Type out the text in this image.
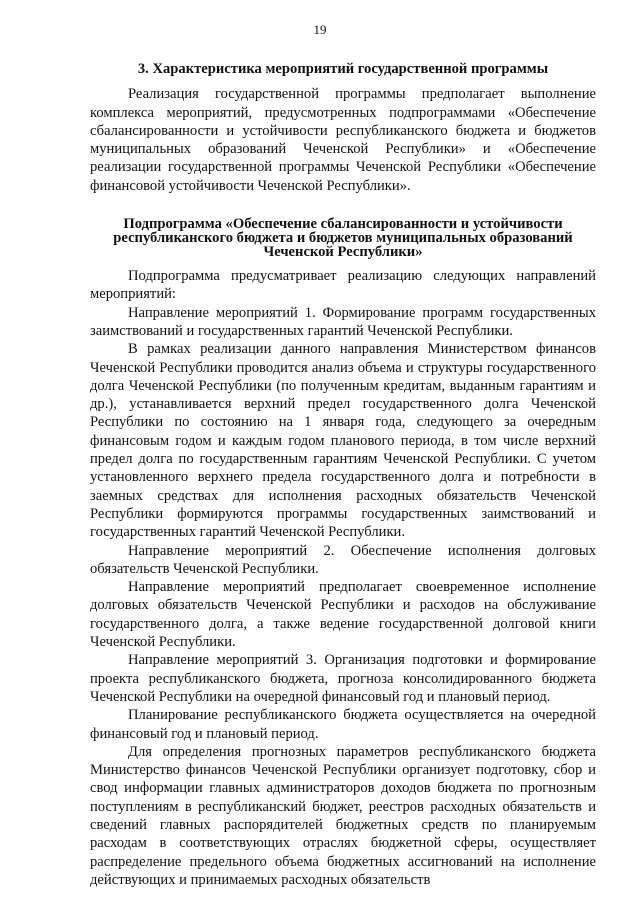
19
3. Характеристика мероприятий государственной программы

Реализация государственной программы предполагает выполнение комплекса мероприятий, предусмотренных подпрограммами «Обеспечение сбалансированности и устойчивости республиканского бюджета и бюджетов муниципальных образований Чеченской Республики» и «Обеспечение реализации государственной программы Чеченской Республики «Обеспечение финансовой устойчивости Чеченской Республики».

Подпрограмма «Обеспечение сбалансированности и устойчивости республиканского бюджета и бюджетов муниципальных образований Чеченской Республики»

Подпрограмма предусматривает реализацию следующих направлений мероприятий:

Направление мероприятий 1. Формирование программ государственных заимствований и государственных гарантий Чеченской Республики.

В рамках реализации данного направления Министерством финансов Чеченской Республики проводится анализ объема и структуры государственного долга Чеченской Республики (по полученным кредитам, выданным гарантиям и др.), устанавливается верхний предел государственного долга Чеченской Республики по состоянию на 1 января года, следующего за очередным финансовым годом и каждым годом планового периода, в том числе верхний предел долга по государственным гарантиям Чеченской Республики. С учетом установленного верхнего предела государственного долга и потребности в заемных средствах для исполнения расходных обязательств Чеченской Республики формируются программы государственных заимствований и государственных гарантий Чеченской Республики.

Направление мероприятий 2. Обеспечение исполнения долговых обязательств Чеченской Республики.

Направление мероприятий предполагает своевременное исполнение долговых обязательств Чеченской Республики и расходов на обслуживание государственного долга, а также ведение государственной долговой книги Чеченской Республики.

Направление мероприятий 3. Организация подготовки и формирование проекта республиканского бюджета, прогноза консолидированного бюджета Чеченской Республики на очередной финансовый год и плановый период.

Планирование республиканского бюджета осуществляется на очередной финансовый год и плановый период.

Для определения прогнозных параметров республиканского бюджета Министерство финансов Чеченской Республики организует подготовку, сбор и свод информации главных администраторов доходов бюджета по прогнозным поступлениям в республиканский бюджет, реестров расходных обязательств и сведений главных распорядителей бюджетных средств по планируемым расходам в соответствующих отраслях бюджетной сферы, осуществляет распределение предельного объема бюджетных ассигнований на исполнение действующих и принимаемых расходных обязательств
